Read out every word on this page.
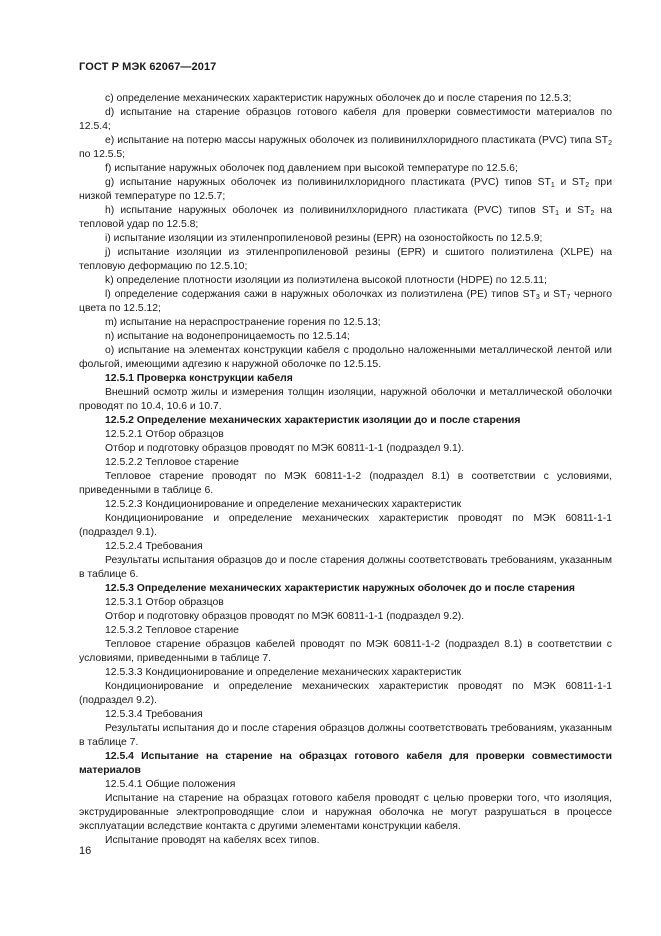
ГОСТ Р МЭК 62067—2017

c) определение механических характеристик наружных оболочек до и после старения по 12.5.3;

d) испытание на старение образцов готового кабеля для проверки совместимости материалов по 12.5.4;

e) испытание на потерю массы наружных оболочек из поливинилхлоридного пластиката (PVC) типа $ST_2$ по 12.5.5;

f) испытание наружных оболочек под давлением при высокой температуре по 12.5.6;

g) испытание наружных оболочек из поливинилхлоридного пластиката (PVC) типов $ST_1$ и $ST_2$ при низкой температуре по 12.5.7;

h) испытание наружных оболочек из поливинилхлоридного пластиката (PVC) типов $ST_1$ и $ST_2$ на тепловой удар по 12.5.8;

i) испытание изоляции из этиленпропиленовой резины (EPR) на озоностойкость по 12.5.9;

j) испытание изоляции из этиленпропиленовой резины (EPR) и сшитого полиэтилена (XLPE) на тепловую деформацию по 12.5.10;

k) определение плотности изоляции из полиэтилена высокой плотности (HDPE) по 12.5.11;

l) определение содержания сажи в наружных оболочках из полиэтилена (PE) типов $ST_3$ и $ST_7$ черного цвета по 12.5.12;

m) испытание на нераспространение горения по 12.5.13;

n) испытание на водонепроницаемость по 12.5.14;

o) испытание на элементах конструкции кабеля с продольно наложенными металлической лентой или фольгой, имеющими адгезию к наружной оболочке по 12.5.15.

12.5.1 Проверка конструкции кабеля

Внешний осмотр жилы и измерения толщин изоляции, наружной оболочки и металлической оболочки проводят по 10.4, 10.6 и 10.7.

12.5.2 Определение механических характеристик изоляции до и после старения

12.5.2.1 Отбор образцов

Отбор и подготовку образцов проводят по МЭК 60811-1-1 (подраздел 9.1).

12.5.2.2 Тепловое старение

Тепловое старение проводят по МЭК 60811-1-2 (подраздел 8.1) в соответствии с условиями, приведенными в таблице 6.

12.5.2.3 Кондиционирование и определение механических характеристик

Кондиционирование и определение механических характеристик проводят по МЭК 60811-1-1 (подраздел 9.1).

12.5.2.4 Требования

Результаты испытания образцов до и после старения должны соответствовать требованиям, указанным в таблице 6.

12.5.3 Определение механических характеристик наружных оболочек до и после старения

12.5.3.1 Отбор образцов

Отбор и подготовку образцов проводят по МЭК 60811-1-1 (подраздел 9.2).

12.5.3.2 Тепловое старение

Тепловое старение образцов кабелей проводят по МЭК 60811-1-2 (подраздел 8.1) в соответствии с условиями, приведенными в таблице 7.

12.5.3.3 Кондиционирование и определение механических характеристик

Кондиционирование и определение механических характеристик проводят по МЭК 60811-1-1 (подраздел 9.2).

12.5.3.4 Требования

Результаты испытания до и после старения образцов должны соответствовать требованиям, указанным в таблице 7.

12.5.4 Испытание на старение на образцах готового кабеля для проверки совместимости материалов

12.5.4.1 Общие положения

Испытание на старение на образцах готового кабеля проводят с целью проверки того, что изоляция, экструдированные электропроводящие слои и наружная оболочка не могут разрушаться в процессе эксплуатации вследствие контакта с другими элементами конструкции кабеля.

Испытание проводят на кабелях всех типов.

16
